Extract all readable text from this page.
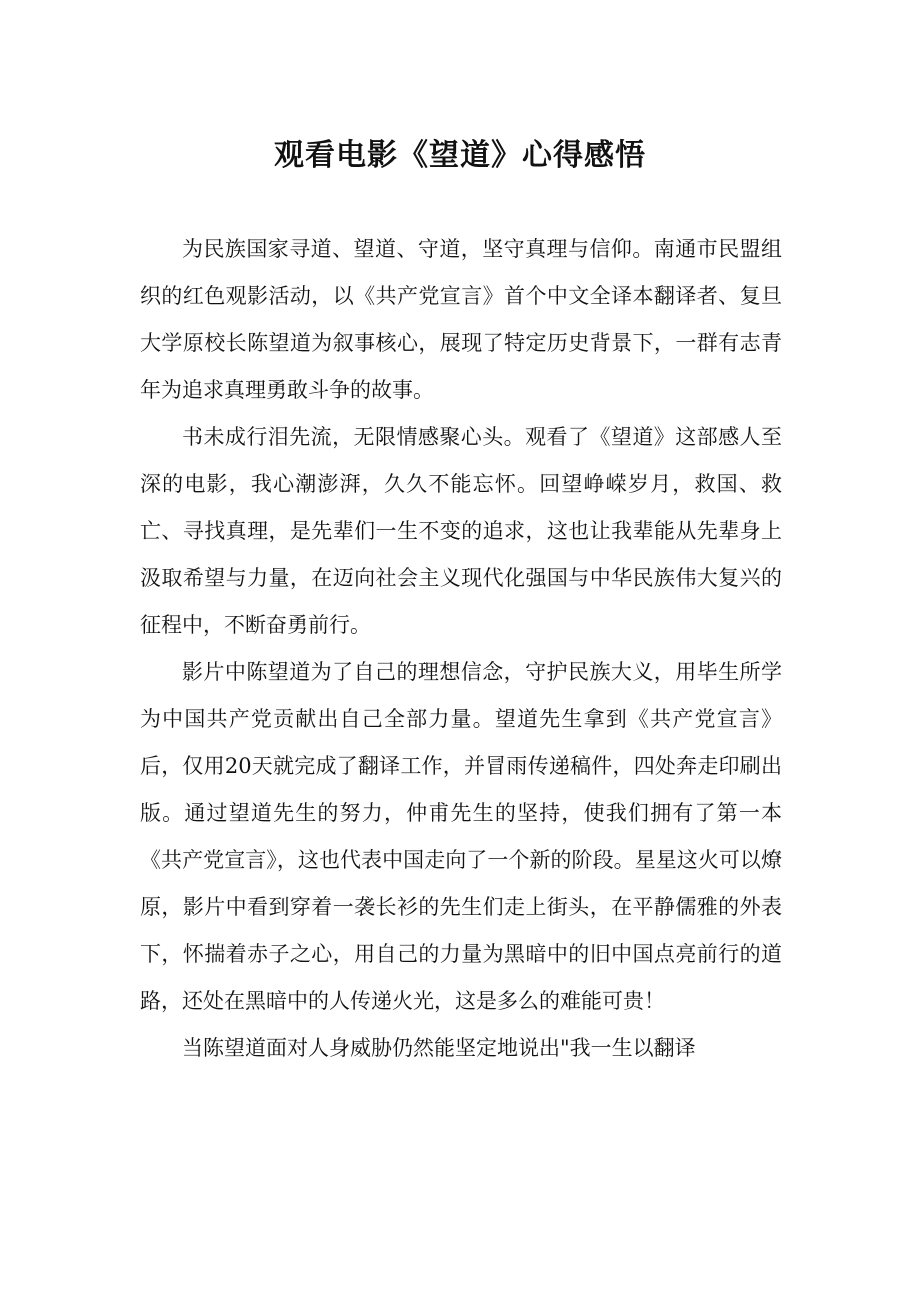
观看电影《望道》心得感悟

为民族国家寻道、望道、守道，坚守真理与信仰。南通市民盟组织的红色观影活动，以《共产党宣言》首个中文全译本翻译者、复旦大学原校长陈望道为叙事核心，展现了特定历史背景下，一群有志青年为追求真理勇敢斗争的故事。

书未成行泪先流，无限情感聚心头。观看了《望道》这部感人至深的电影，我心潮澎湃，久久不能忘怀。回望峥嵘岁月，救国、救亡、寻找真理，是先辈们一生不变的追求，这也让我辈能从先辈身上汲取希望与力量，在迈向社会主义现代化强国与中华民族伟大复兴的征程中，不断奋勇前行。

影片中陈望道为了自己的理想信念，守护民族大义，用毕生所学为中国共产党贡献出自己全部力量。望道先生拿到《共产党宣言》后，仅用20天就完成了翻译工作，并冒雨传递稿件，四处奔走印刷出版。通过望道先生的努力，仲甫先生的坚持，使我们拥有了第一本《共产党宣言》，这也代表中国走向了一个新的阶段。星星这火可以燎原，影片中看到穿着一袭长衫的先生们走上街头，在平静儒雅的外表下，怀揣着赤子之心，用自己的力量为黑暗中的旧中国点亮前行的道路，还处在黑暗中的人传递火光，这是多么的难能可贵！

当陈望道面对人身威胁仍然能坚定地说出"我一生以翻译
